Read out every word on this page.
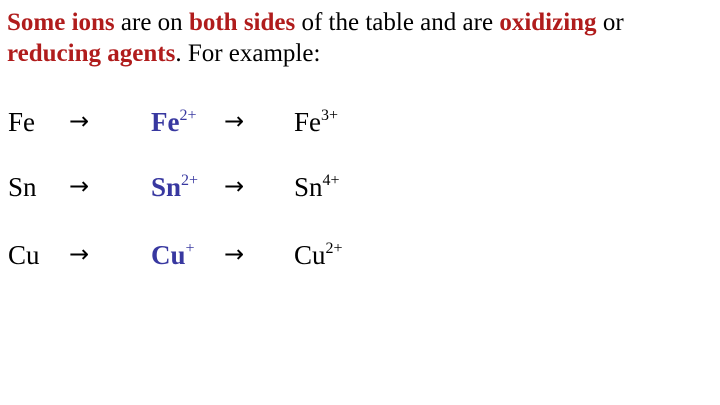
Some ions are on both sides of the table and are oxidizing or reducing agents. For example:

$Fe \to Fe^{2+} \to Fe^{3+}$
$Sn \to Sn^{2+} \to Sn^{4+}$
$Cu \to Cu^+ \to Cu^{2+}$
